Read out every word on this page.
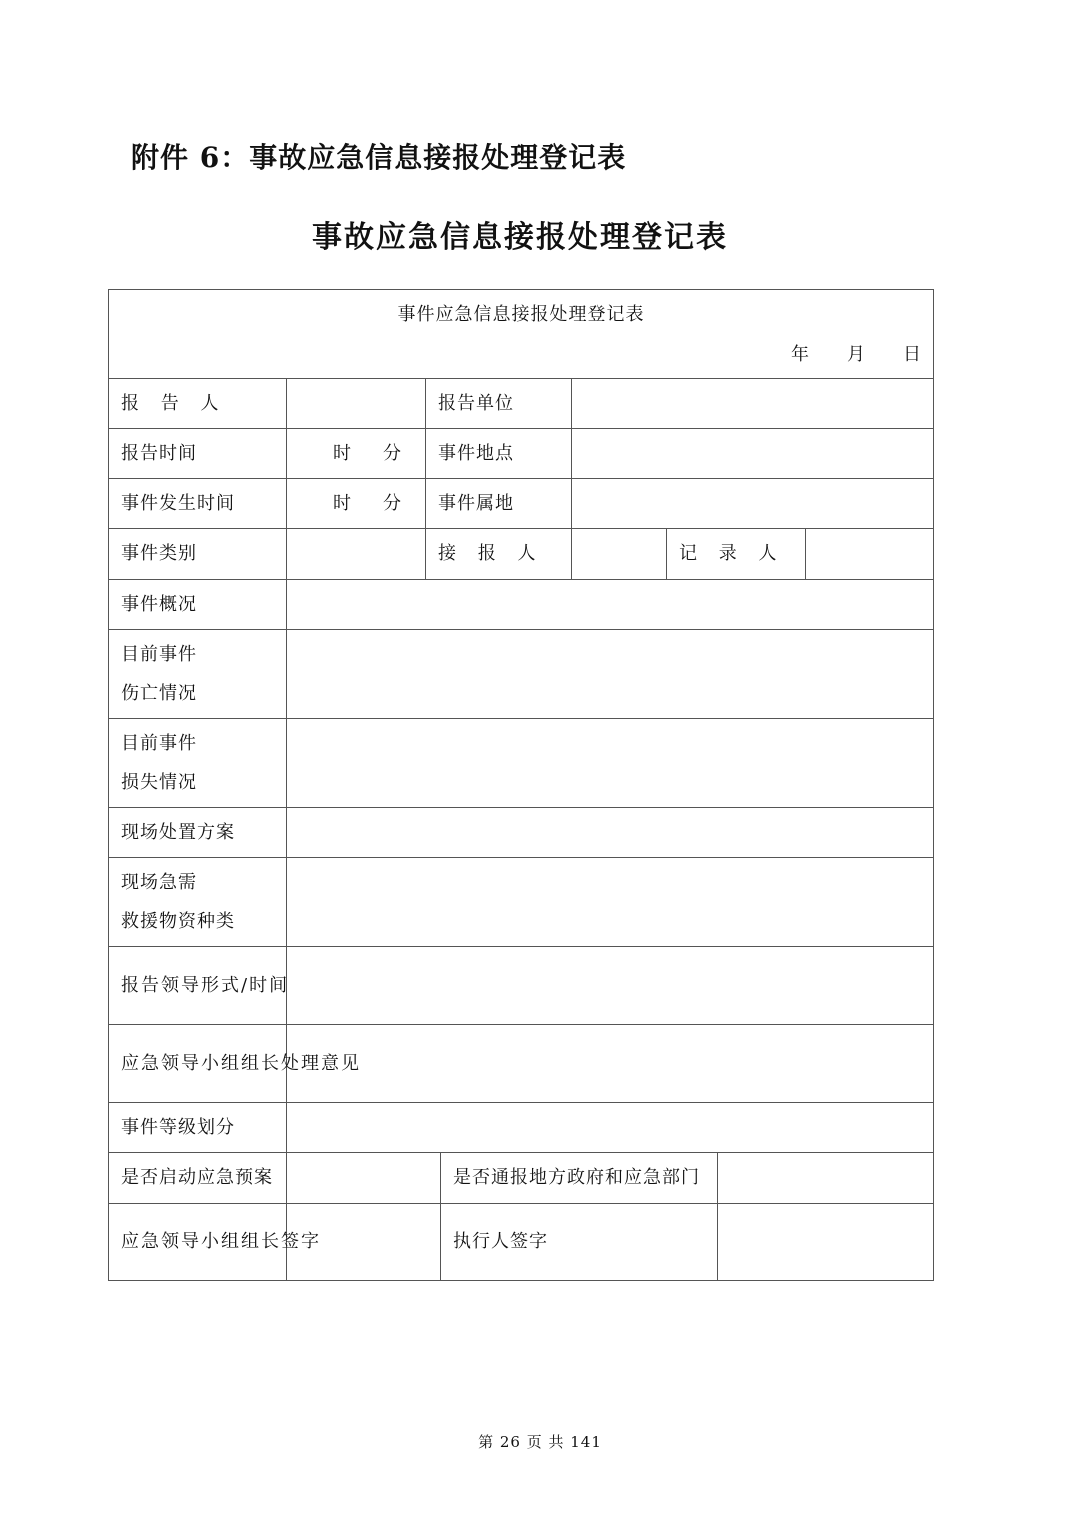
附件 6：事故应急信息接报处理登记表
事故应急信息接报处理登记表
事件应急信息接报处理登记表
年 月 日							

报 告 人		报告单位					
报告时间	时 分	事件地点					
事件发生时间	时 分	事件属地					
事件类别		接 报 人			记 录 人		
事件概况							

目前事件
伤亡情况							

目前事件
损失情况							

现场处置方案							

现场急需
救援物资种类							

报告领导形式/时间							
应急领导小组组长处理意见							
事件等级划分							
是否启动应急预案			是否通报地方政府和应急部门				
应急领导小组组长签字			执行人签字				
第 26 页 共 141
